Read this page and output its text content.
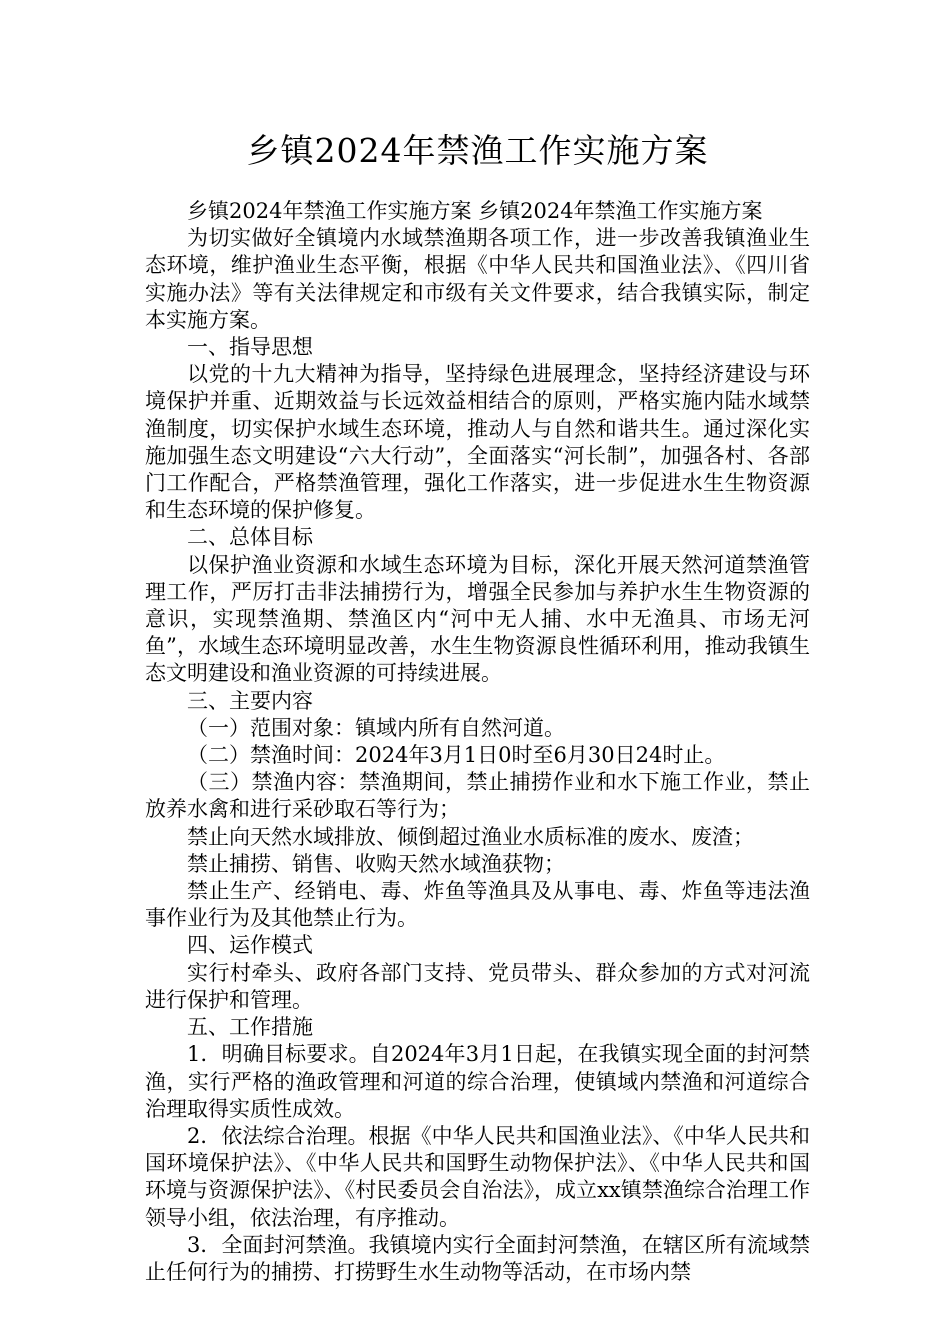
乡镇2024年禁渔工作实施方案

乡镇2024年禁渔工作实施方案 乡镇2024年禁渔工作实施方案

为切实做好全镇境内水域禁渔期各项工作，进一步改善我镇渔业生态环境，维护渔业生态平衡，根据《中华人民共和国渔业法》、《四川省实施办法》等有关法律规定和市级有关文件要求，结合我镇实际，制定本实施方案。

一、指导思想

以党的十九大精神为指导，坚持绿色进展理念，坚持经济建设与环境保护并重、近期效益与长远效益相结合的原则，严格实施内陆水域禁渔制度，切实保护水域生态环境，推动人与自然和谐共生。通过深化实施加强生态文明建设“六大行动”，全面落实“河长制”，加强各村、各部门工作配合，严格禁渔管理，强化工作落实，进一步促进水生生物资源和生态环境的保护修复。

二、总体目标

以保护渔业资源和水域生态环境为目标，深化开展天然河道禁渔管理工作，严厉打击非法捕捞行为，增强全民参加与养护水生生物资源的意识，实现禁渔期、禁渔区内“河中无人捕、水中无渔具、市场无河鱼”，水域生态环境明显改善，水生生物资源良性循环利用，推动我镇生态文明建设和渔业资源的可持续进展。

三、主要内容

（一）范围对象：镇域内所有自然河道。

（二）禁渔时间：2024年3月1日0时至6月30日24时止。

（三）禁渔内容：禁渔期间，禁止捕捞作业和水下施工作业，禁止放养水禽和进行采砂取石等行为；

禁止向天然水域排放、倾倒超过渔业水质标准的废水、废渣；

禁止捕捞、销售、收购天然水域渔获物；

禁止生产、经销电、毒、炸鱼等渔具及从事电、毒、炸鱼等违法渔事作业行为及其他禁止行为。

四、运作模式

实行村牵头、政府各部门支持、党员带头、群众参加的方式对河流进行保护和管理。

五、工作措施

1．明确目标要求。自2024年3月1日起，在我镇实现全面的封河禁渔，实行严格的渔政管理和河道的综合治理，使镇域内禁渔和河道综合治理取得实质性成效。

2．依法综合治理。根据《中华人民共和国渔业法》、《中华人民共和国环境保护法》、《中华人民共和国野生动物保护法》、《中华人民共和国环境与资源保护法》、《村民委员会自治法》，成立xx镇禁渔综合治理工作领导小组，依法治理，有序推动。

3．全面封河禁渔。我镇境内实行全面封河禁渔，在辖区所有流域禁止任何行为的捕捞、打捞野生水生动物等活动，在市场内禁
